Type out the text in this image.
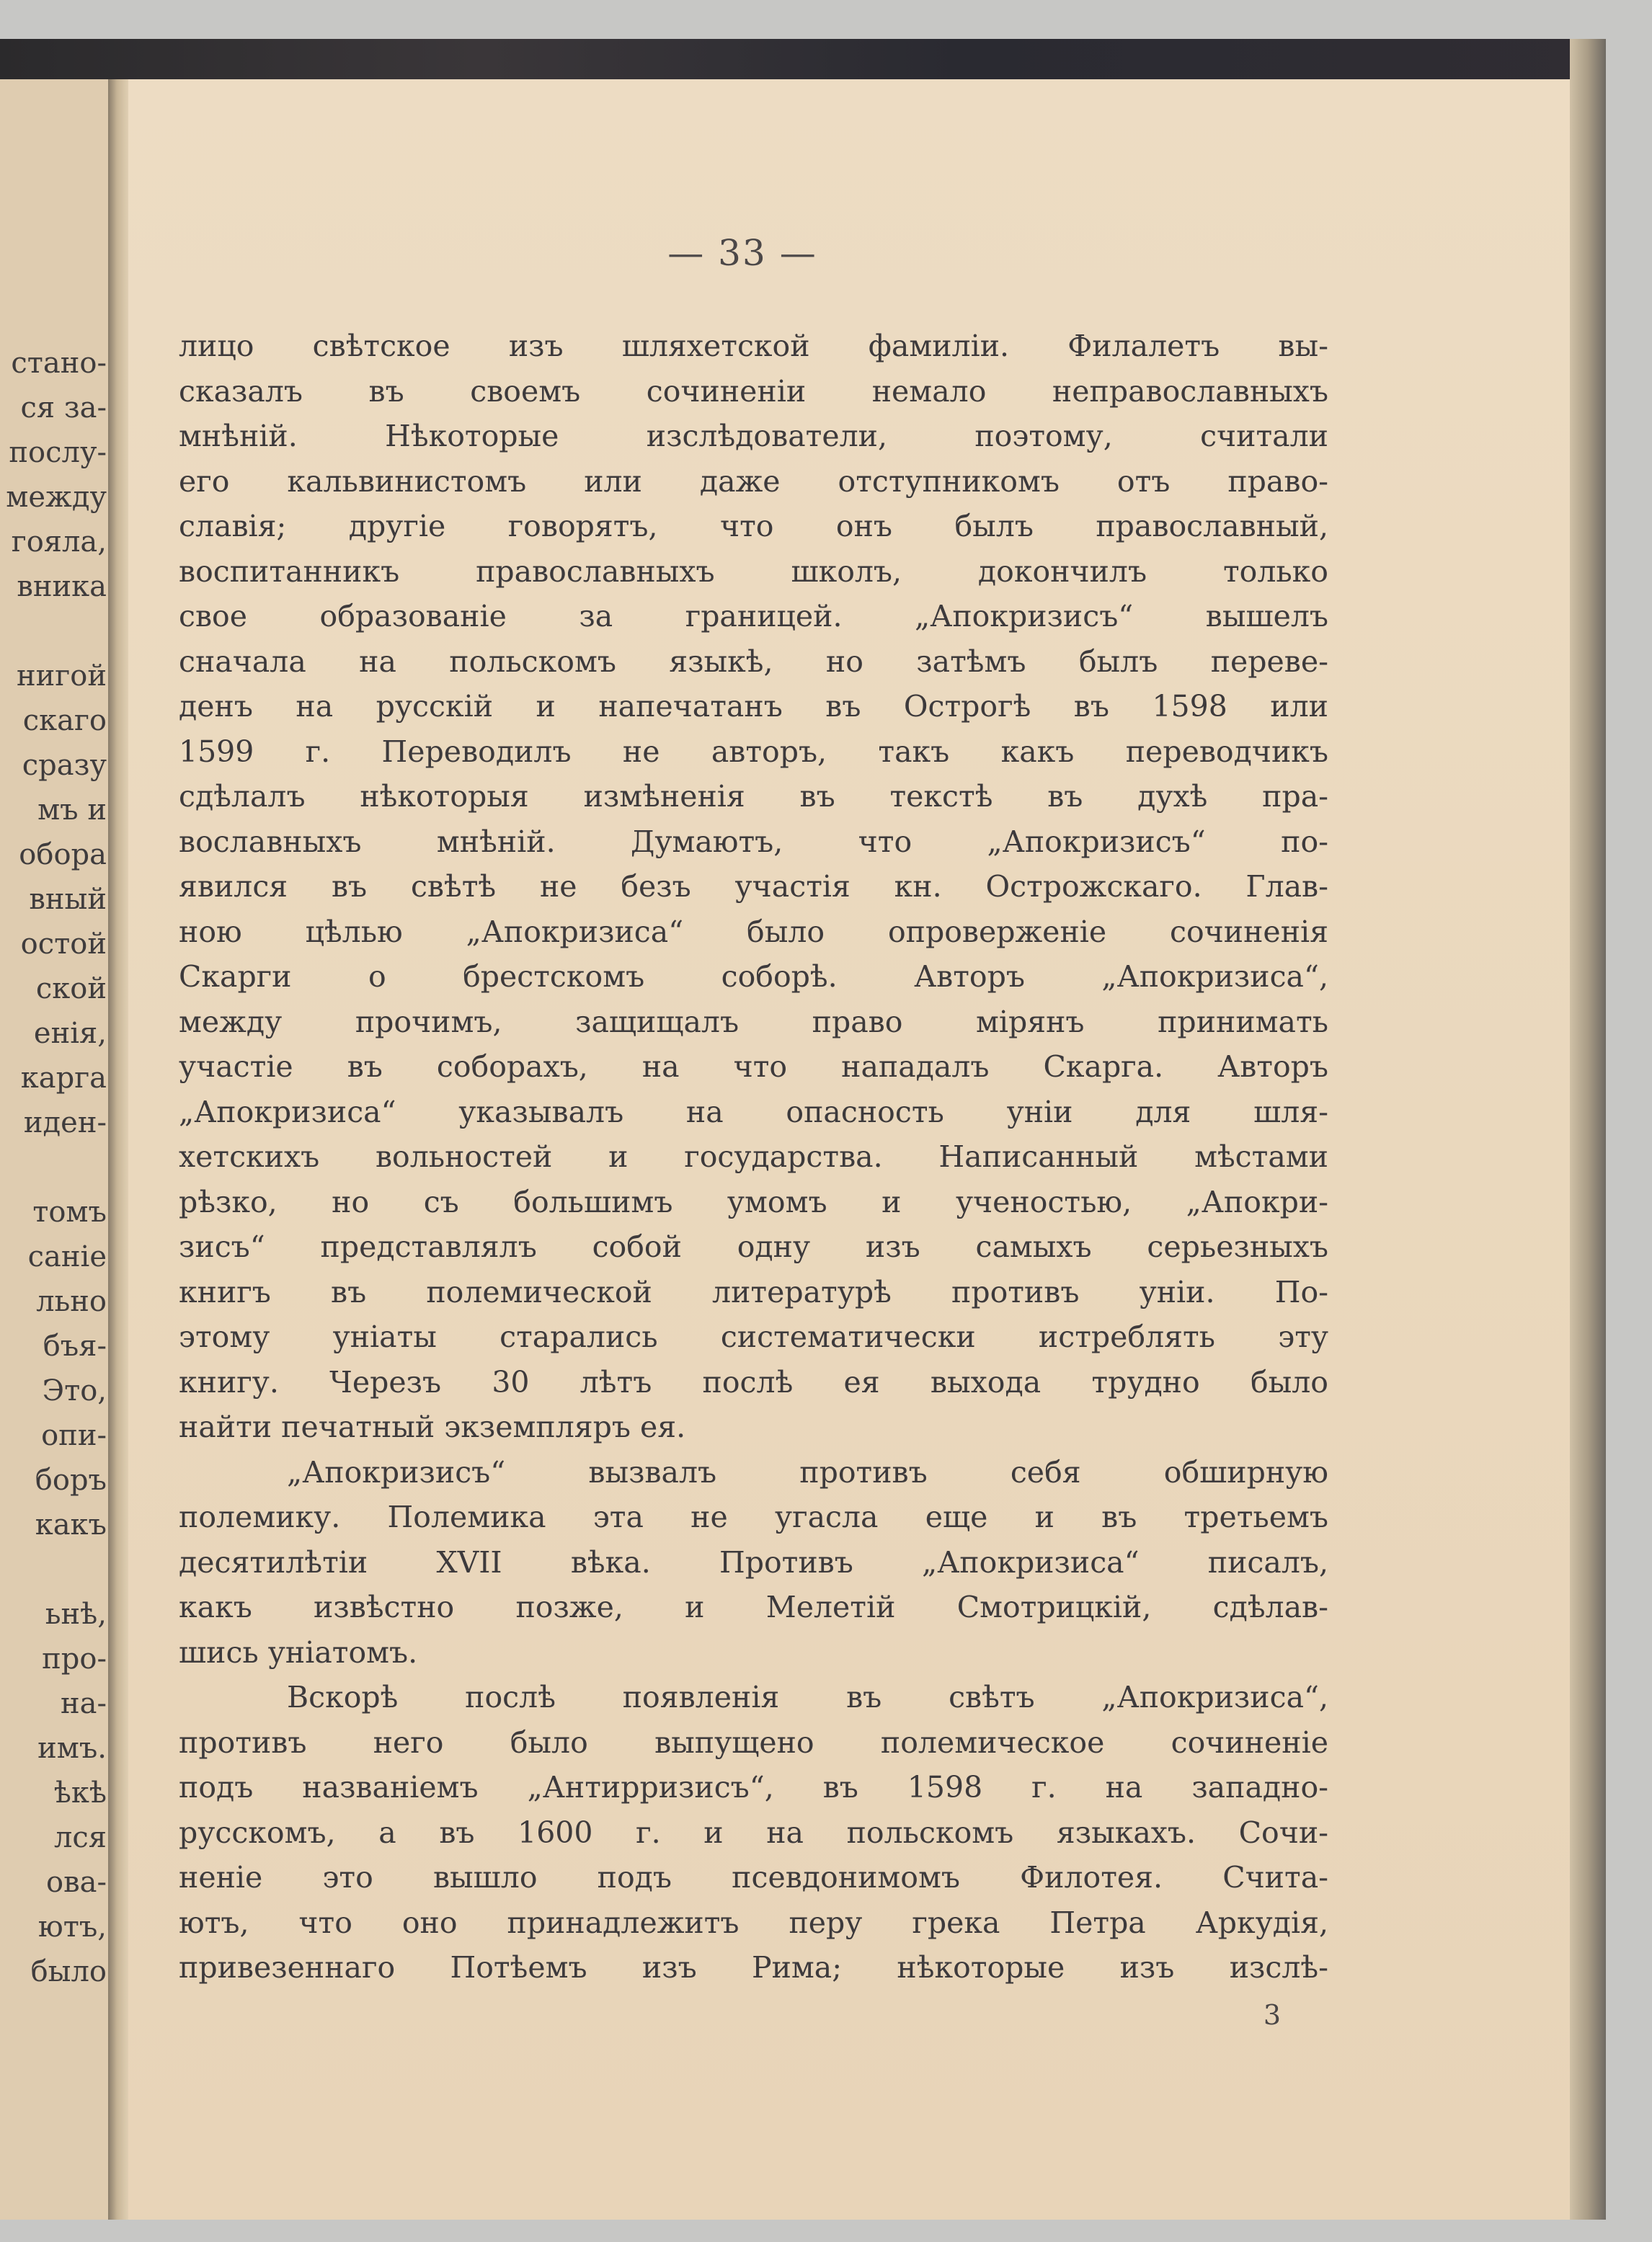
стано-
ся за-
послу-
между
гояла,
вника
нигой
скаго
сразу
мъ и
обора
вный
остой
ской
енія,
карга
иден-
томъ
саніе
льно
бъя-
Это,
опи-
боръ
какъ
ьнѣ,
про-
на-
имъ.
ѣкѣ
лся
ова-
ютъ,
было
— 33 —
лицо свѣтское изъ шляхетской фамиліи. Филалетъ вы-
сказалъ въ своемъ сочиненіи немало неправославныхъ
мнѣній. Нѣкоторые изслѣдователи, поэтому, считали
его кальвинистомъ или даже отступникомъ отъ право-
славія; другіе говорятъ, что онъ былъ православный,
воспитанникъ православныхъ школъ, докончилъ только
свое образованіе за границей. „Апокризисъ“ вышелъ
сначала на польскомъ языкѣ, но затѣмъ былъ переве-
денъ на русскій и напечатанъ въ Острогѣ въ 1598 или
1599 г. Переводилъ не авторъ, такъ какъ переводчикъ
сдѣлалъ нѣкоторыя измѣненія въ текстѣ въ духѣ пра-
вославныхъ мнѣній. Думаютъ, что „Апокризисъ“ по-
явился въ свѣтѣ не безъ участія кн. Острожскаго. Глав-
ною цѣлью „Апокризиса“ было опроверженіе сочиненія
Скарги о брестскомъ соборѣ. Авторъ „Апокризиса“,
между прочимъ, защищалъ право мірянъ принимать
участіе въ соборахъ, на что нападалъ Скарга. Авторъ
„Апокризиса“ указывалъ на опасность уніи для шля-
хетскихъ вольностей и государства. Написанный мѣстами
рѣзко, но съ большимъ умомъ и ученостью, „Апокри-
зисъ“ представлялъ собой одну изъ самыхъ серьезныхъ
книгъ въ полемической литературѣ противъ уніи. По-
этому уніаты старались систематически истреблять эту
книгу. Черезъ 30 лѣтъ послѣ ея выхода трудно было
найти печатный экземпляръ ея.
„Апокризисъ“ вызвалъ противъ себя обширную
полемику. Полемика эта не угасла еще и въ третьемъ
десятилѣтіи XVII вѣка. Противъ „Апокризиса“ писалъ,
какъ извѣстно позже, и Мелетій Смотрицкій, сдѣлав-
шись уніатомъ.
Вскорѣ послѣ появленія въ свѣтъ „Апокризиса“,
противъ него было выпущено полемическое сочиненіе
подъ названіемъ „Антирризисъ“, въ 1598 г. на западно-
русскомъ, а въ 1600 г. и на польскомъ языкахъ. Сочи-
неніе это вышло подъ псевдонимомъ Филотея. Счита-
ютъ, что оно принадлежитъ перу грека Петра Аркудія,
привезеннаго Потѣемъ изъ Рима; нѣкоторые изъ изслѣ-
3
